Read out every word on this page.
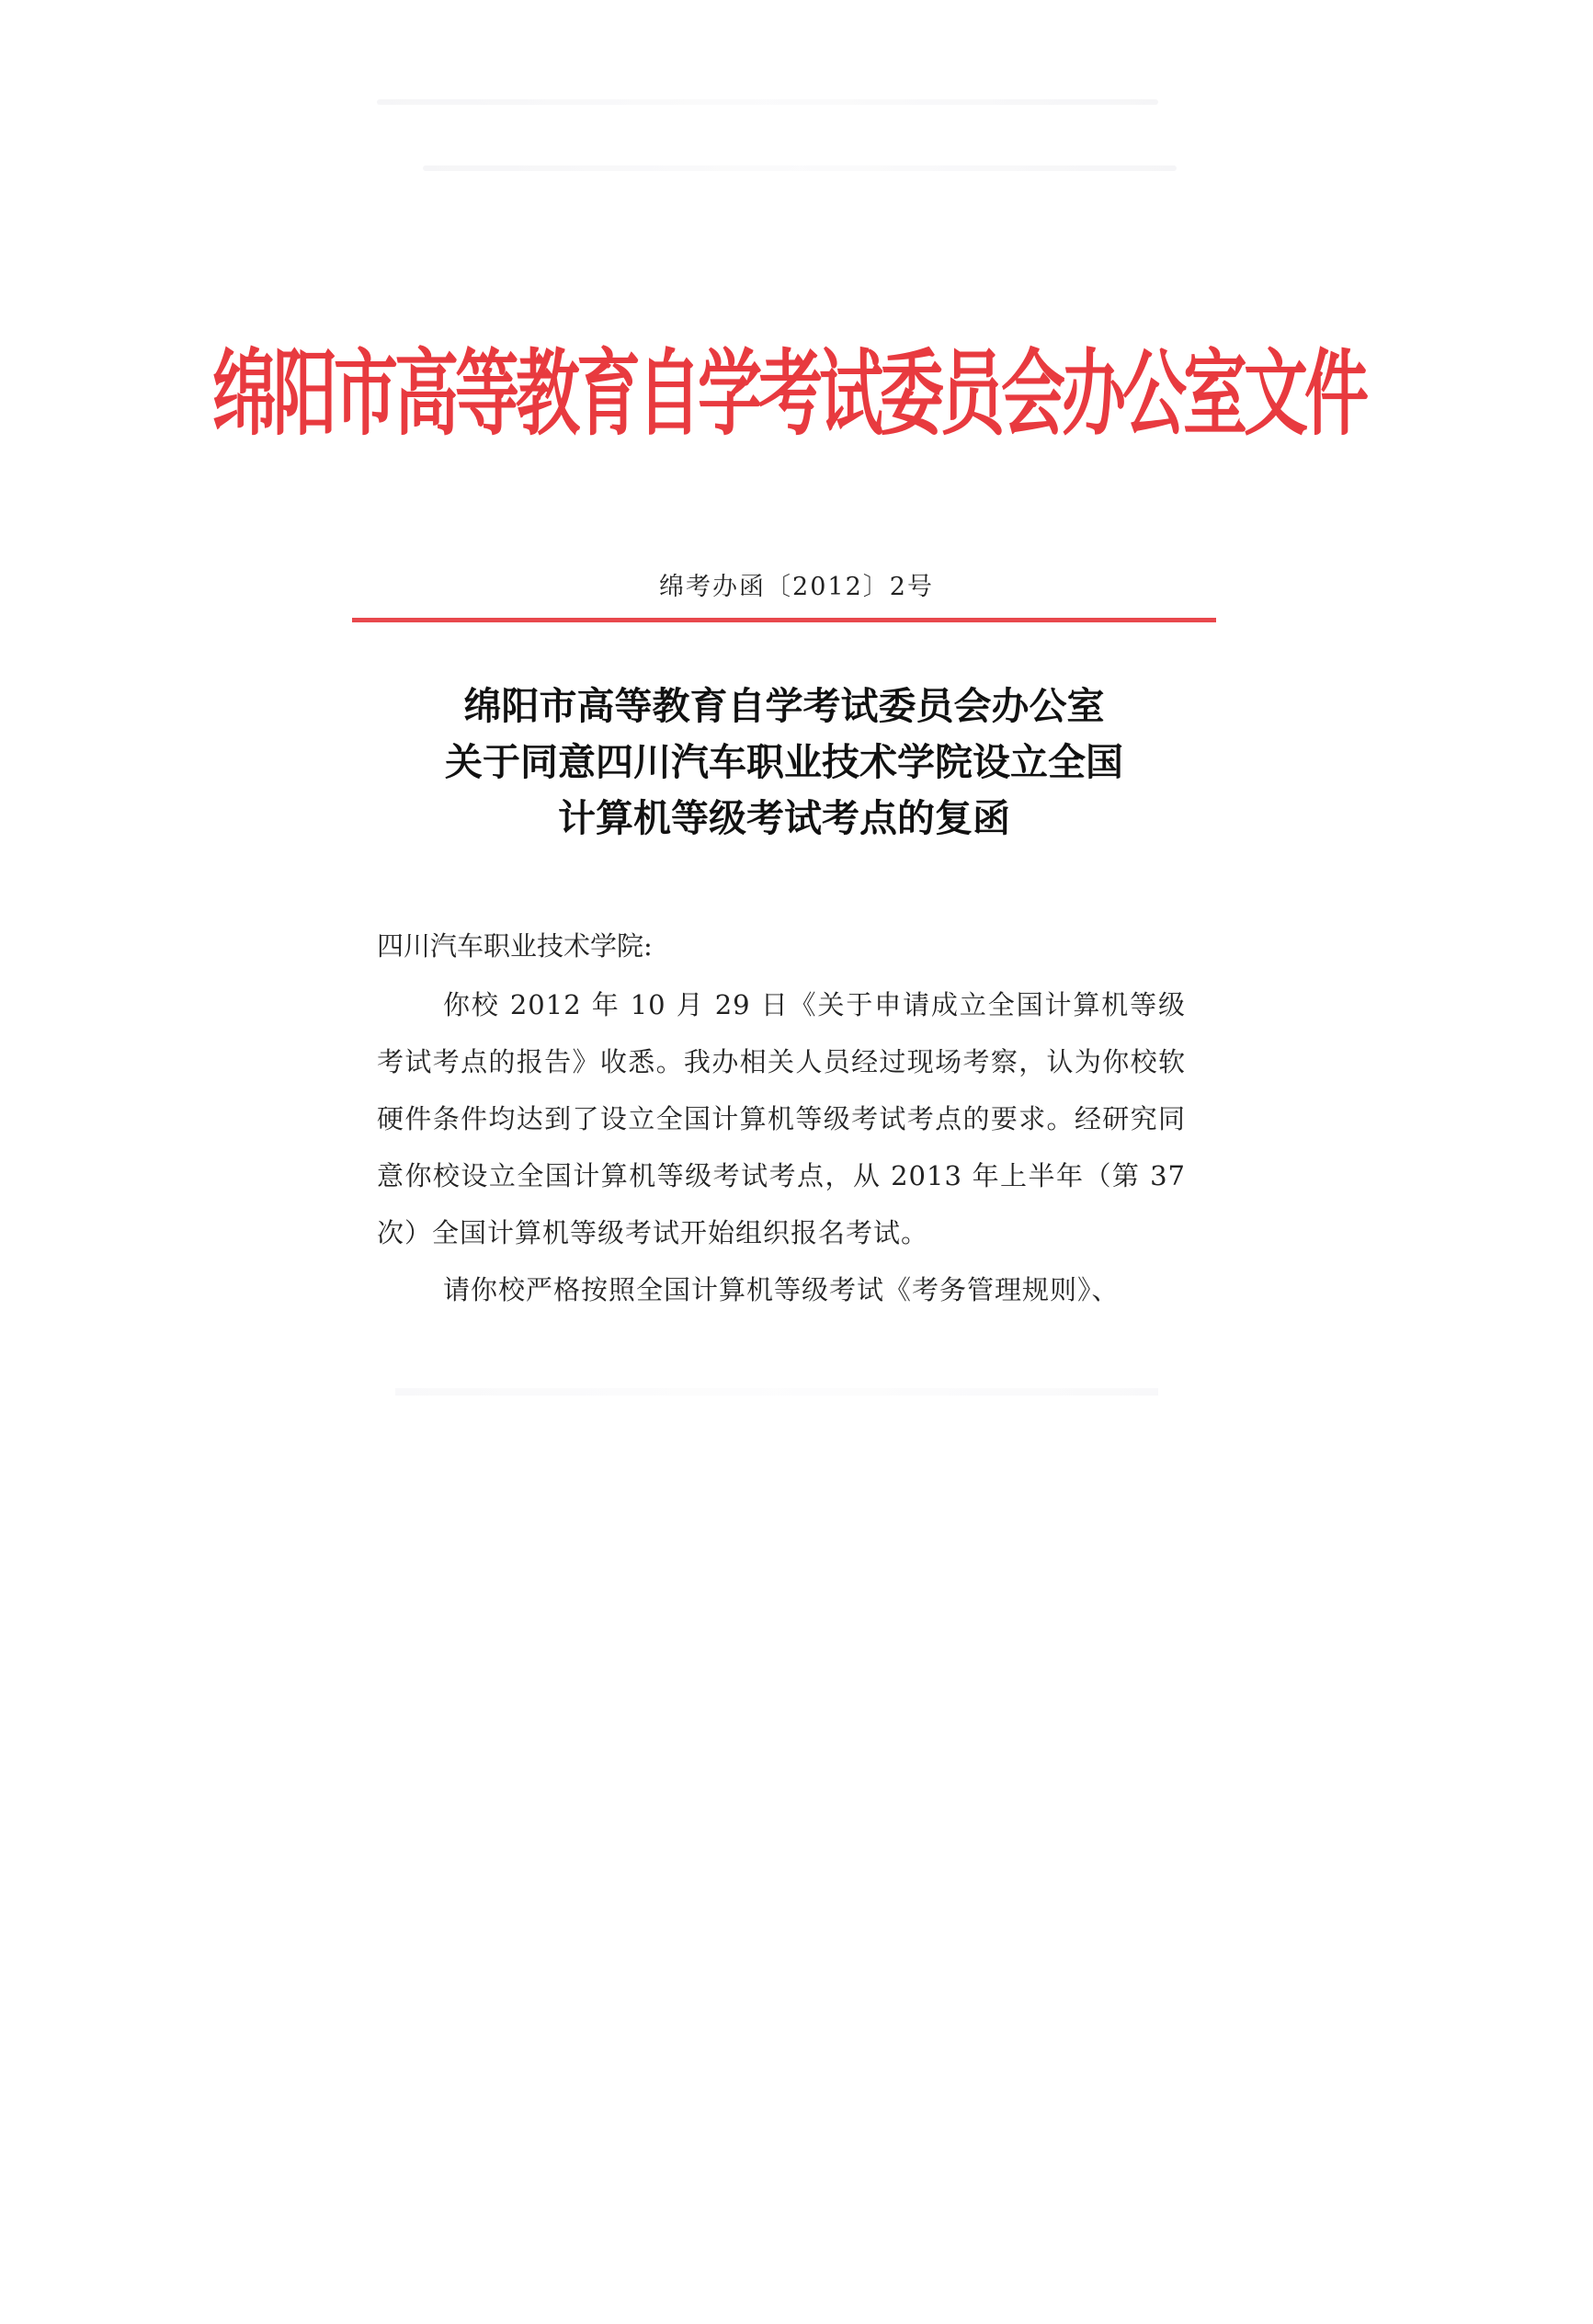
绵阳市高等教育自学考试委员会办公室文件
绵考办函〔2012〕2号
绵阳市高等教育自学考试委员会办公室
关于同意四川汽车职业技术学院设立全国
计算机等级考试考点的复函
四川汽车职业技术学院:
你校 2012 年 10 月 29 日《关于申请成立全国计算机等级考试考点的报告》收悉。我办相关人员经过现场考察，认为你校软硬件条件均达到了设立全国计算机等级考试考点的要求。经研究同意你校设立全国计算机等级考试考点，从 2013 年上半年（第 37 次）全国计算机等级考试开始组织报名考试。
请你校严格按照全国计算机等级考试《考务管理规则》、
